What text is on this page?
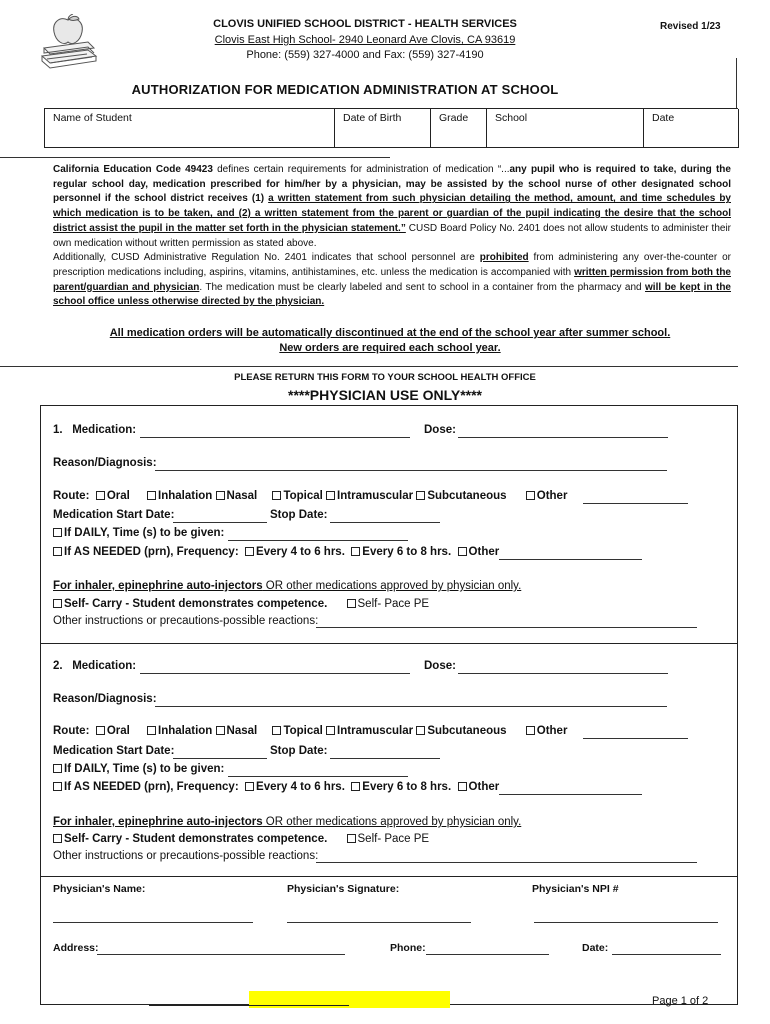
CLOVIS UNIFIED SCHOOL DISTRICT - HEALTH SERVICES
Clovis East High School- 2940 Leonard Ave Clovis, CA 93619
Phone: (559) 327-4000 and Fax: (559) 327-4190
Revised 1/23
AUTHORIZATION FOR MEDICATION ADMINISTRATION AT SCHOOL
Name of Student	Date of Birth	Grade	School	Date

California Education Code 49423 defines certain requirements for administration of medication “...any pupil who is required to take, during the regular school day, medication prescribed for him/her by a physician, may be assisted by the school nurse of other designated school personnel if the school district receives (1) a written statement from such physician detailing the method, amount, and time schedules by which medication is to be taken, and (2) a written statement from the parent or guardian of the pupil indicating the desire that the school district assist the pupil in the matter set forth in the physician statement.” CUSD Board Policy No. 2401 does not allow students to administer their own medication without written permission as stated above.

Additionally, CUSD Administrative Regulation No. 2401 indicates that school personnel are prohibited from administering any over-the-counter or prescription medications including, aspirins, vitamins, antihistamines, etc. unless the medication is accompanied with written permission from both the parent/guardian and physician. The medication must be clearly labeled and sent to school in a container from the pharmacy and will be kept in the school office unless otherwise directed by the physician.

All medication orders will be automatically discontinued at the end of the school year after summer school.
New orders are required each school year.
PLEASE RETURN THIS FORM TO YOUR SCHOOL HEALTH OFFICE
****PHYSICIAN USE ONLY****
1. Medication:	Dose:
Reason/Diagnosis:
Route: Oral Inhalation Nasal Topical Intramuscular Subcutaneous	Other
Medication Start Date:	Stop Date:
If DAILY, Time (s) to be given:
If AS NEEDED (prn), Frequency: Every 4 to 6 hrs. Every 6 to 8 hrs. Other
For inhaler, epinephrine auto-injectors OR other medications approved by physician only.
Self- Carry - Student demonstrates competence.	Self- Pace PE
Other instructions or precautions-possible reactions:
2. Medication:	Dose:
Reason/Diagnosis:
Route: Oral Inhalation Nasal Topical Intramuscular Subcutaneous	Other
Medication Start Date:	Stop Date:
If DAILY, Time (s) to be given:
If AS NEEDED (prn), Frequency: Every 4 to 6 hrs. Every 6 to 8 hrs. Other
For inhaler, epinephrine auto-injectors OR other medications approved by physician only.
Self- Carry - Student demonstrates competence.	Self- Pace PE
Other instructions or precautions-possible reactions:
Physician's Name:	Physician's Signature:	Physician's NPI #
Address:	Phone:	Date:
Page 1 of 2
